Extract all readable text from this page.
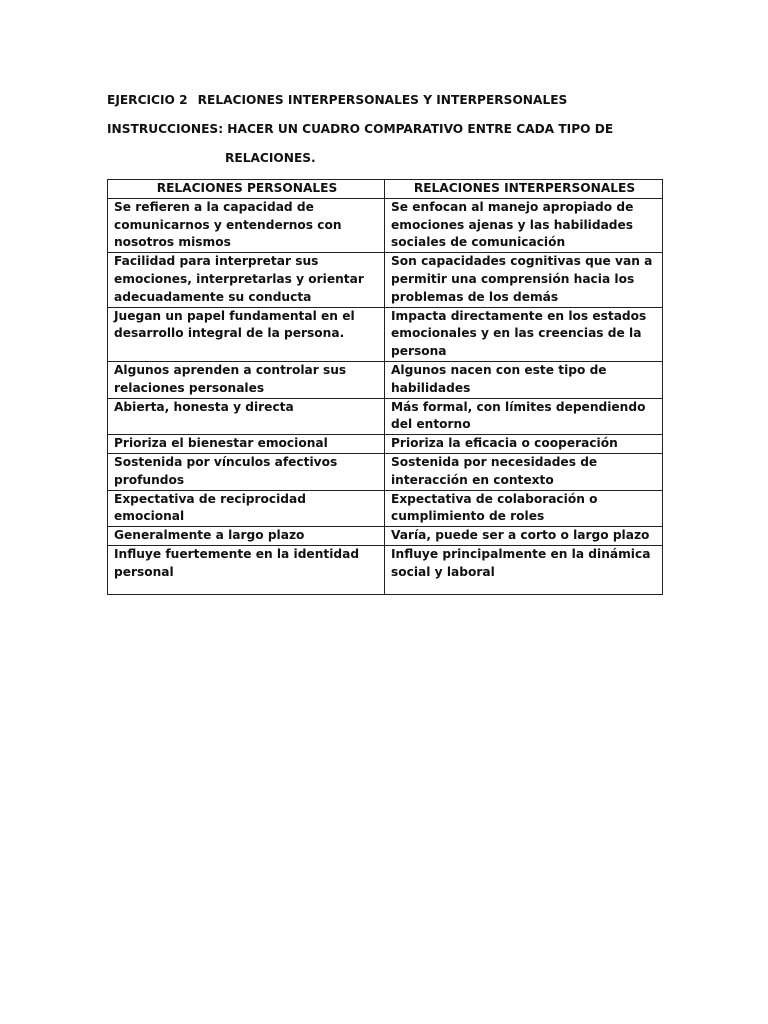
EJERCICIO 2 RELACIONES INTERPERSONALES Y INTERPERSONALES
INSTRUCCIONES: HACER UN CUADRO COMPARATIVO ENTRE CADA TIPO DE
RELACIONES.
RELACIONES PERSONALES	RELACIONES INTERPERSONALES
Se refieren a la capacidad de comunicarnos y entendernos con nosotros mismos	Se enfocan al manejo apropiado de emociones ajenas y las habilidades sociales de comunicación
Facilidad para interpretar sus emociones, interpretarlas y orientar adecuadamente su conducta	Son capacidades cognitivas que van a permitir una comprensión hacia los problemas de los demás
Juegan un papel fundamental en el desarrollo integral de la persona.	Impacta directamente en los estados emocionales y en las creencias de la persona
Algunos aprenden a controlar sus relaciones personales	Algunos nacen con este tipo de habilidades
Abierta, honesta y directa	Más formal, con límites dependiendo del entorno
Prioriza el bienestar emocional	Prioriza la eficacia o cooperación
Sostenida por vínculos afectivos profundos	Sostenida por necesidades de interacción en contexto
Expectativa de reciprocidad emocional	Expectativa de colaboración o cumplimiento de roles
Generalmente a largo plazo	Varía, puede ser a corto o largo plazo
Influye fuertemente en la identidad personal	Influye principalmente en la dinámica social y laboral
